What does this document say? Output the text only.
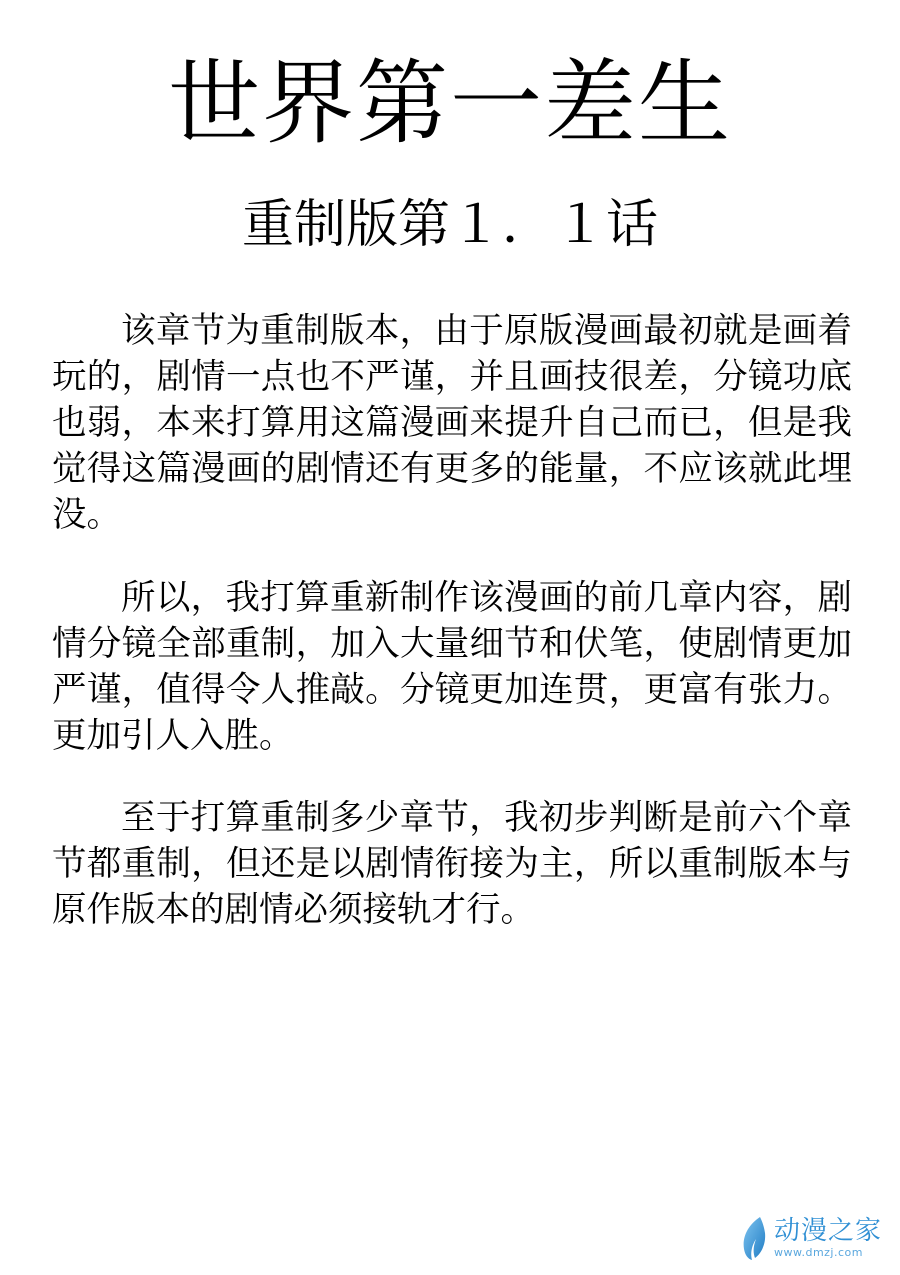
世界第一差生
重制版第１．１话

该章节为重制版本，由于原版漫画最初就是画着玩的，剧情一点也不严谨，并且画技很差，分镜功底也弱，本来打算用这篇漫画来提升自己而已，但是我觉得这篇漫画的剧情还有更多的能量，不应该就此埋没。

所以，我打算重新制作该漫画的前几章内容，剧情分镜全部重制，加入大量细节和伏笔，使剧情更加严谨，值得令人推敲。分镜更加连贯，更富有张力。更加引人入胜。

至于打算重制多少章节，我初步判断是前六个章节都重制，但还是以剧情衔接为主，所以重制版本与原作版本的剧情必须接轨才行。

动漫之家
www.dmzj.com
